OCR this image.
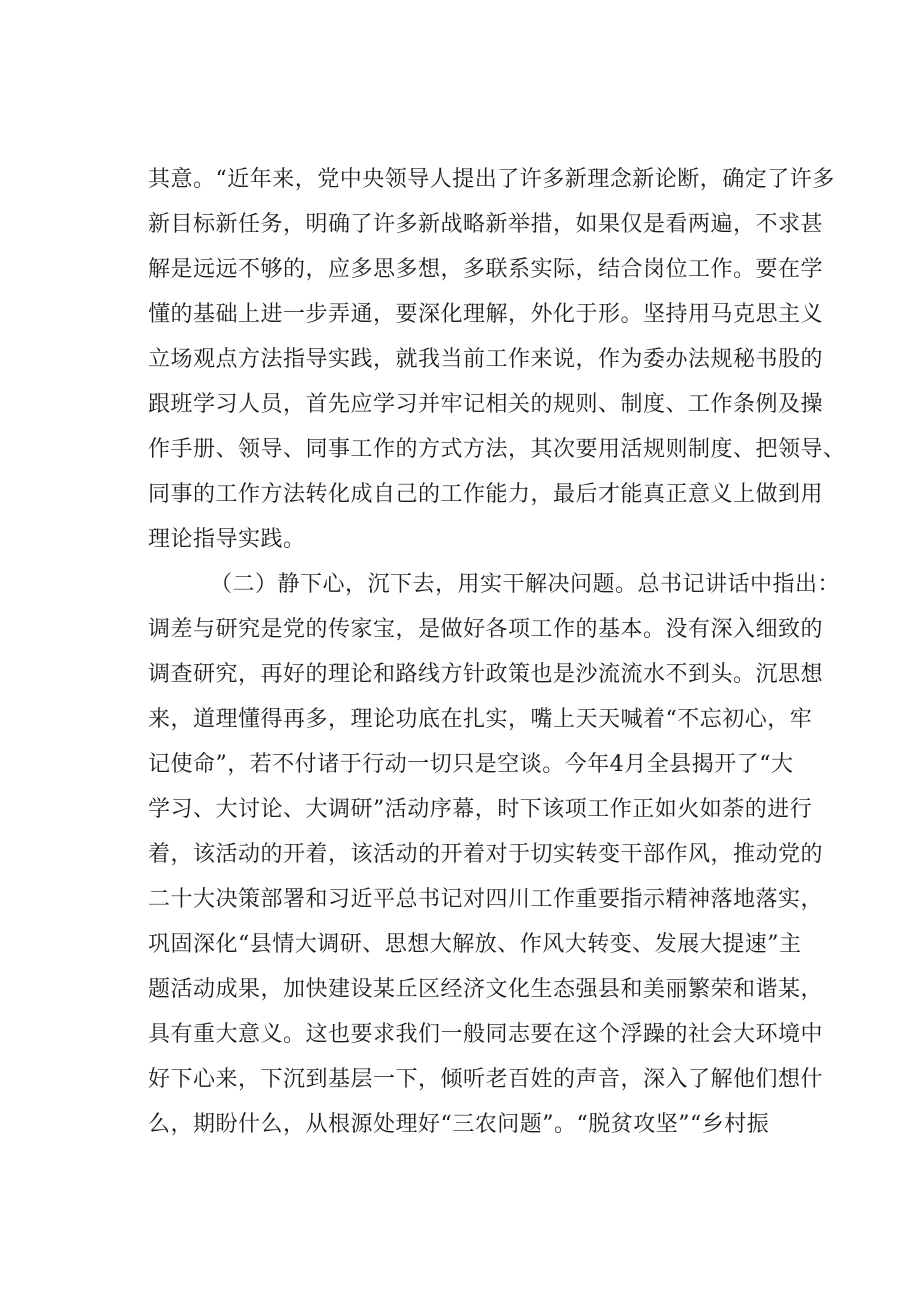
其意。“近年来，党中央领导人提出了许多新理念新论断，确定了许多
新目标新任务，明确了许多新战略新举措，如果仅是看两遍，不求甚
解是远远不够的，应多思多想，多联系实际，结合岗位工作。要在学
懂的基础上进一步弄通，要深化理解，外化于形。坚持用马克思主义
立场观点方法指导实践，就我当前工作来说，作为委办法规秘书股的
跟班学习人员，首先应学习并牢记相关的规则、制度、工作条例及操
作手册、领导、同事工作的方式方法，其次要用活规则制度、把领导、
同事的工作方法转化成自己的工作能力，最后才能真正意义上做到用
理论指导实践。
（二）静下心，沉下去，用实干解决问题。总书记讲话中指出：
调差与研究是党的传家宝，是做好各项工作的基本。没有深入细致的
调查研究，再好的理论和路线方针政策也是沙流流水不到头。沉思想
来，道理懂得再多，理论功底在扎实，嘴上天天喊着“不忘初心，牢
记使命”，若不付诸于行动一切只是空谈。今年4月全县揭开了“大
学习、大讨论、大调研”活动序幕，时下该项工作正如火如荼的进行
着，该活动的开着，该活动的开着对于切实转变干部作风，推动党的
二十大决策部署和习近平总书记对四川工作重要指示精神落地落实，
巩固深化“县情大调研、思想大解放、作风大转变、发展大提速”主
题活动成果，加快建设某丘区经济文化生态强县和美丽繁荣和谐某，
具有重大意义。这也要求我们一般同志要在这个浮躁的社会大环境中
好下心来，下沉到基层一下，倾听老百姓的声音，深入了解他们想什
么，期盼什么，从根源处理好“三农问题”。“脱贫攻坚”“乡村振
